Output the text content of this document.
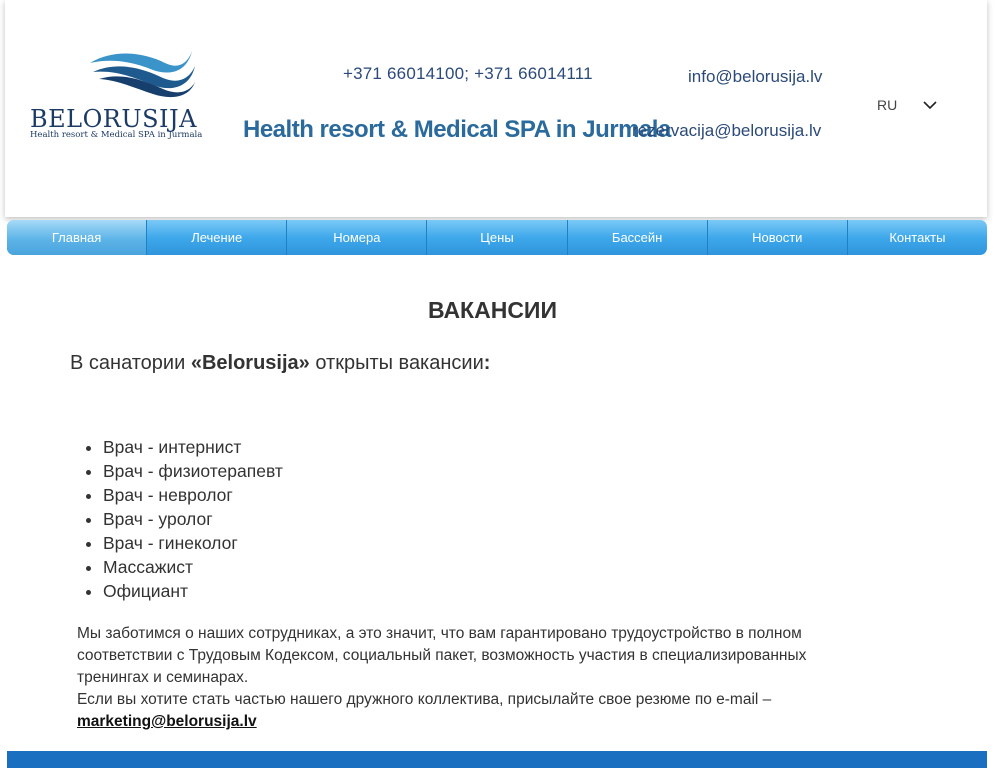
BELORUSIJA
Health resort & Medical SPA in Jurmala
+371 66014100; +371 66014111
Health resort & Medical SPA in Jurmala
info@belorusija.lv
rezervacija@belorusija.lv
RU
Главная	Лечение	Номера	Цены	Бассейн	Новости	Контакты
ВАКАНСИИ
В санатории «Belorusija» открыты вакансии:
• Врач - интернист
• Врач - физиотерапевт
• Врач - невролог
• Врач - уролог
• Врач - гинеколог
• Массажист
• Официант

Мы заботимся о наших сотрудниках, а это значит, что вам гарантировано трудоустройство в полном соответствии с Трудовым Кодексом, социальный пакет, возможность участия в специализированных тренингах и семинарах.

Если вы хотите стать частью нашего дружного коллектива, присылайте свое резюме по e-mail – marketing@belorusija.lv
